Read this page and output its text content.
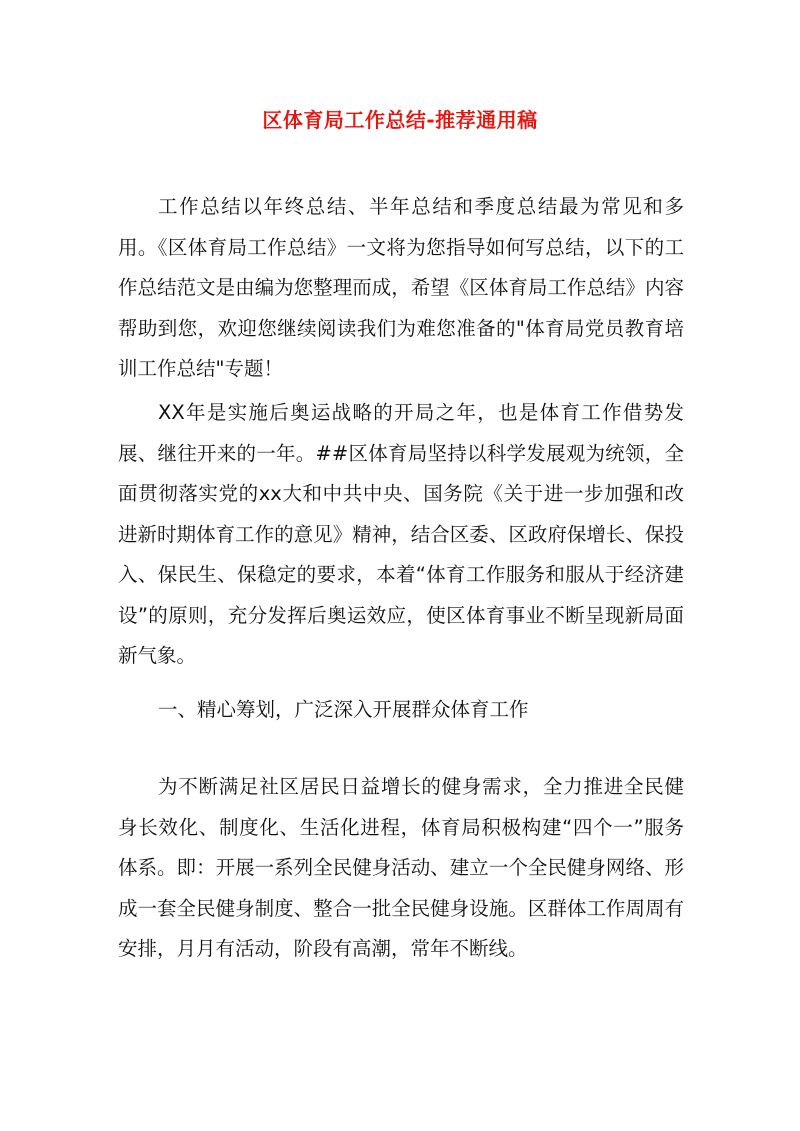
区体育局工作总结-推荐通用稿

工作总结以年终总结、半年总结和季度总结最为常见和多用。《区体育局工作总结》一文将为您指导如何写总结，以下的工作总结范文是由编为您整理而成，希望《区体育局工作总结》内容帮助到您，欢迎您继续阅读我们为难您准备的"体育局党员教育培训工作总结"专题！

XX年是实施后奥运战略的开局之年，也是体育工作借势发展、继往开来的一年。##区体育局坚持以科学发展观为统领，全面贯彻落实党的xx大和中共中央、国务院《关于进一步加强和改进新时期体育工作的意见》精神，结合区委、区政府保增长、保投入、保民生、保稳定的要求，本着“体育工作服务和服从于经济建设”的原则，充分发挥后奥运效应，使区体育事业不断呈现新局面新气象。

一、精心筹划，广泛深入开展群众体育工作

为不断满足社区居民日益增长的健身需求，全力推进全民健身长效化、制度化、生活化进程，体育局积极构建“四个一”服务体系。即：开展一系列全民健身活动、建立一个全民健身网络、形成一套全民健身制度、整合一批全民健身设施。区群体工作周周有安排，月月有活动，阶段有高潮，常年不断线。
